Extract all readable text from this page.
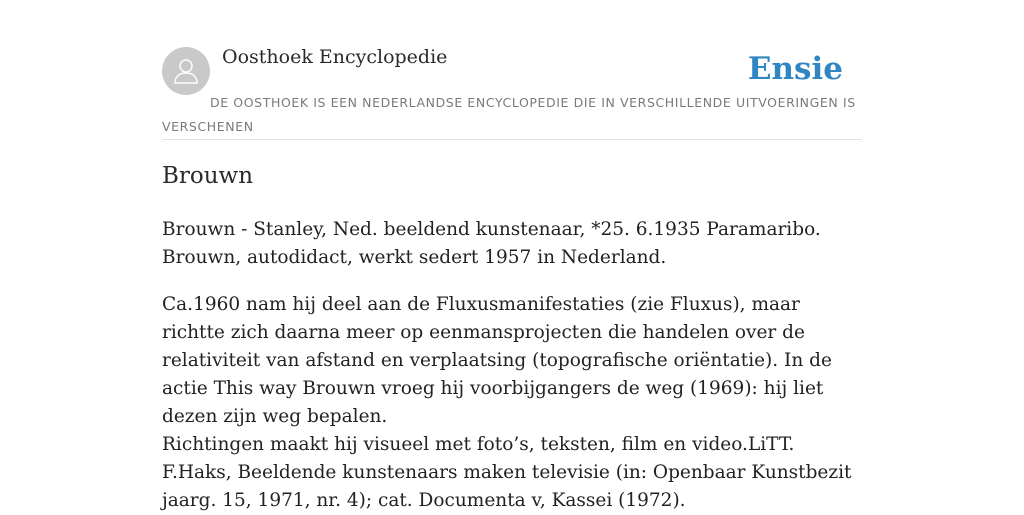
Oosthoek Encyclopedie	Ensie
DE OOSTHOEK IS EEN NEDERLANDSE ENCYCLOPEDIE DIE IN VERSCHILLENDE UITVOERINGEN IS VERSCHENEN
Brouwn

Brouwn - Stanley, Ned. beeldend kunstenaar, *25. 6.1935 Paramaribo. Brouwn, autodidact, werkt sedert 1957 in Nederland.

Ca.1960 nam hij deel aan de Fluxusmanifestaties (zie Fluxus), maar richtte zich daarna meer op eenmansprojecten die handelen over de relativiteit van afstand en verplaatsing (topografische oriëntatie). In de actie This way Brouwn vroeg hij voorbijgangers de weg (1969): hij liet dezen zijn weg bepalen.

Richtingen maakt hij visueel met foto’s, teksten, film en video.LiTT. F.Haks, Beeldende kunstenaars maken televisie (in: Openbaar Kunstbezit jaarg. 15, 1971, nr. 4); cat. Documenta v, Kassei (1972).
